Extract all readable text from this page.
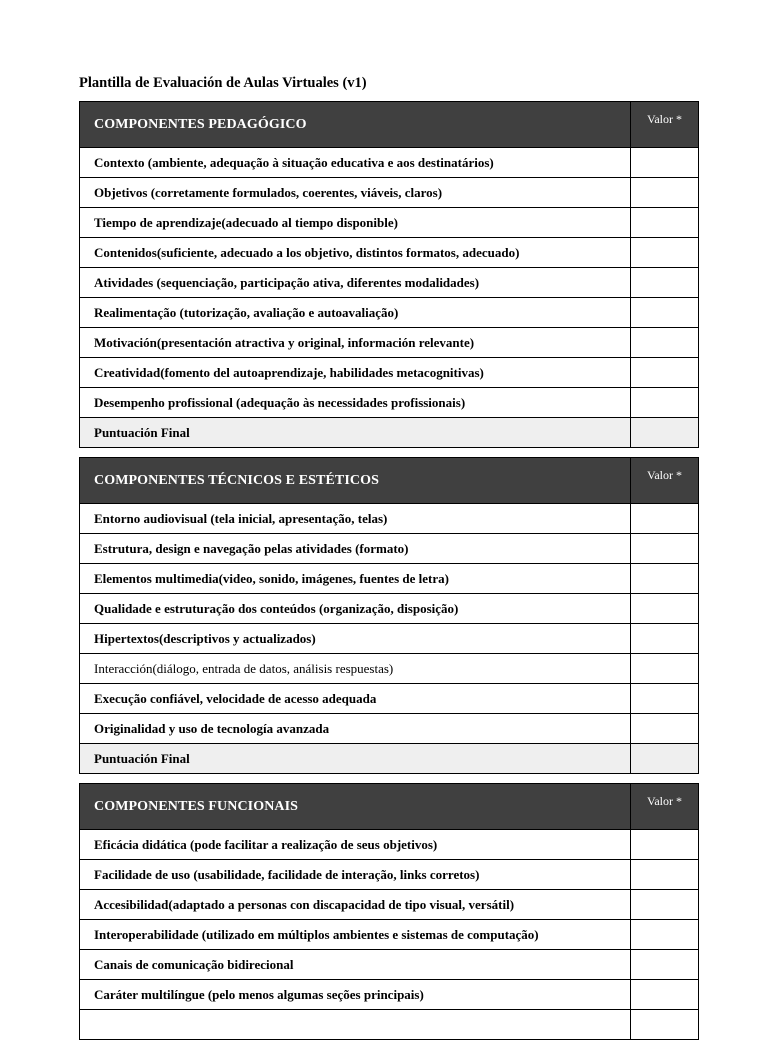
Plantilla de Evaluación de Aulas Virtuales (v1)
COMPONENTES PEDAGÓGICO	Valor *
Contexto (ambiente, adequação à situação educativa e aos destinatários)	
Objetivos (corretamente formulados, coerentes, viáveis, claros)	
Tiempo de aprendizaje(adecuado al tiempo disponible)	
Contenidos(suficiente, adecuado a los objetivo, distintos formatos, adecuado)	
Atividades (sequenciação, participação ativa, diferentes modalidades)	
Realimentação (tutorização, avaliação e autoavaliação)	
Motivación(presentación atractiva y original, información relevante)	
Creatividad(fomento del autoaprendizaje, habilidades metacognitivas)	
Desempenho profissional (adequação às necessidades profissionais)	
Puntuación Final	
COMPONENTES TÉCNICOS E ESTÉTICOS	Valor *
Entorno audiovisual (tela inicial, apresentação, telas)	
Estrutura, design e navegação pelas atividades (formato)	
Elementos multimedia(video, sonido, imágenes, fuentes de letra)	
Qualidade e estruturação dos conteúdos (organização, disposição)	
Hipertextos(descriptivos y actualizados)	
Interacción(diálogo, entrada de datos, análisis respuestas)	
Execução confiável, velocidade de acesso adequada	
Originalidad y uso de tecnología avanzada	
Puntuación Final	
COMPONENTES FUNCIONAIS	Valor *
Eficácia didática (pode facilitar a realização de seus objetivos)	
Facilidade de uso (usabilidade, facilidade de interação, links corretos)	
Accesibilidad(adaptado a personas con discapacidad de tipo visual, versátil)	
Interoperabilidade (utilizado em múltiplos ambientes e sistemas de computação)	
Canais de comunicação bidirecional	
Caráter multilíngue (pelo menos algumas seções principais)	
